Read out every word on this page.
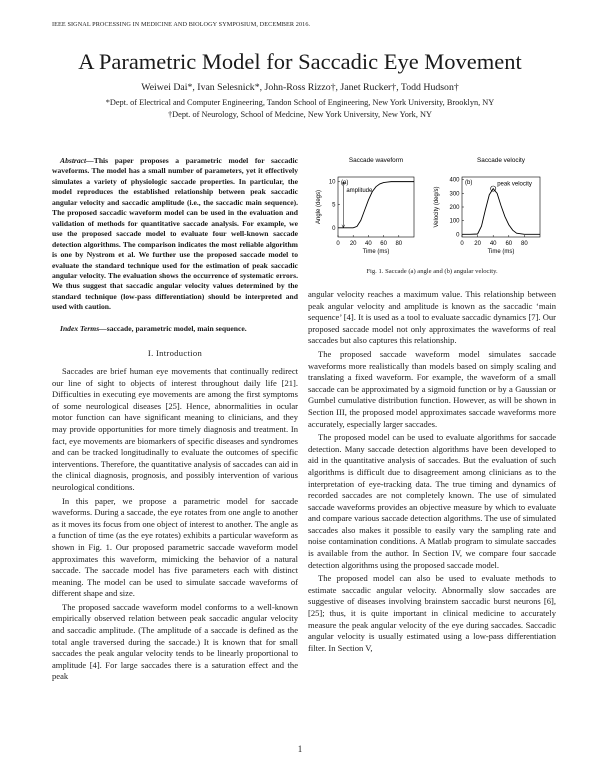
IEEE SIGNAL PROCESSING IN MEDICINE AND BIOLOGY SYMPOSIUM, DECEMBER 2016.
A Parametric Model for Saccadic Eye Movement
Weiwei Dai*, Ivan Selesnick*, John-Ross Rizzo†, Janet Rucker†, Todd Hudson†
*Dept. of Electrical and Computer Engineering, Tandon School of Engineering, New York University, Brooklyn, NY
†Dept. of Neurology, School of Medcine, New York University, New York, NY

Abstract—This paper proposes a parametric model for saccadic waveforms. The model has a small number of parameters, yet it effectively simulates a variety of physiologic saccade properties. In particular, the model reproduces the established relationship between peak saccadic angular velocity and saccadic amplitude (i.e., the saccadic main sequence). The proposed saccadic waveform model can be used in the evaluation and validation of methods for quantitative saccade analysis. For example, we use the proposed saccade model to evaluate four well-known saccade detection algorithms. The comparison indicates the most reliable algorithm is one by Nystrom et al. We further use the proposed saccade model to evaluate the standard technique used for the estimation of peak saccadic angular velocity. The evaluation shows the occurrence of systematic errors. We thus suggest that saccadic angular velocity values determined by the standard technique (low-pass differentiation) should be interpreted and used with caution.

Index Terms—saccade, parametric model, main sequence.

I. Introduction

Saccades are brief human eye movements that continually redirect our line of sight to objects of interest throughout daily life [21]. Difficulties in executing eye movements are among the first symptoms of some neurological diseases [25]. Hence, abnormalities in ocular motor function can have significant meaning to clinicians, and they may provide opportunities for more timely diagnosis and treatment. In fact, eye movements are biomarkers of specific diseases and syndromes and can be tracked longitudinally to evaluate the outcomes of specific interventions. Therefore, the quantitative analysis of saccades can aid in the clinical diagnosis, prognosis, and possibly intervention of various neurological conditions.

In this paper, we propose a parametric model for saccade waveforms. During a saccade, the eye rotates from one angle to another as it moves its focus from one object of interest to another. The angle as a function of time (as the eye rotates) exhibits a particular waveform as shown in Fig. 1. Our proposed parametric saccade waveform model approximates this waveform, mimicking the behavior of a natural saccade. The saccade model has five parameters each with distinct meaning. The model can be used to simulate saccade waveforms of different shape and size.

The proposed saccade waveform model conforms to a well-known empirically observed relation between peak saccadic angular velocity and saccadic amplitude. (The amplitude of a saccade is defined as the total angle traversed during the saccade.) It is known that for small saccades the peak angular velocity tends to be linearly proportional to amplitude [4]. For large saccades there is a saturation effect and the peak

Saccade waveform
0 20 40 60 80
0
5
10
Time (ms)
Angle (degs)
(a)
amplitude
Saccade velocity
0 20 40 60 80
0
100
200
300
400
Time (ms)
Velocity (deg/s)
(b)	peak velocity
Fig. 1. Saccade (a) angle and (b) angular velocity.

angular velocity reaches a maximum value. This relationship between peak angular velocity and amplitude is known as the saccadic ‘main sequence’ [4]. It is used as a tool to evaluate saccadic dynamics [7]. Our proposed saccade model not only approximates the waveforms of real saccades but also captures this relationship.

The proposed saccade waveform model simulates saccade waveforms more realistically than models based on simply scaling and translating a fixed waveform. For example, the waveform of a small saccade can be approximated by a sigmoid function or by a Gaussian or Gumbel cumulative distribution function. However, as will be shown in Section III, the proposed model approximates saccade waveforms more accurately, especially larger saccades.

The proposed model can be used to evaluate algorithms for saccade detection. Many saccade detection algorithms have been developed to aid in the quantitative analysis of saccades. But the evaluation of such algorithms is difficult due to disagreement among clinicians as to the interpretation of eye-tracking data. The true timing and dynamics of recorded saccades are not completely known. The use of simulated saccade waveforms provides an objective measure by which to evaluate and compare various saccade detection algorithms. The use of simulated saccades also makes it possible to easily vary the sampling rate and noise contamination conditions. A Matlab program to simulate saccades is available from the author. In Section IV, we compare four saccade detection algorithms using the proposed saccade model.

The proposed model can also be used to evaluate methods to estimate saccadic angular velocity. Abnormally slow saccades are suggestive of diseases involving brainstem saccadic burst neurons [6], [25]; thus, it is quite important in clinical medicine to accurately measure the peak angular velocity of the eye during saccades. Saccadic angular velocity is usually estimated using a low-pass differentiation filter. In Section V,

1
